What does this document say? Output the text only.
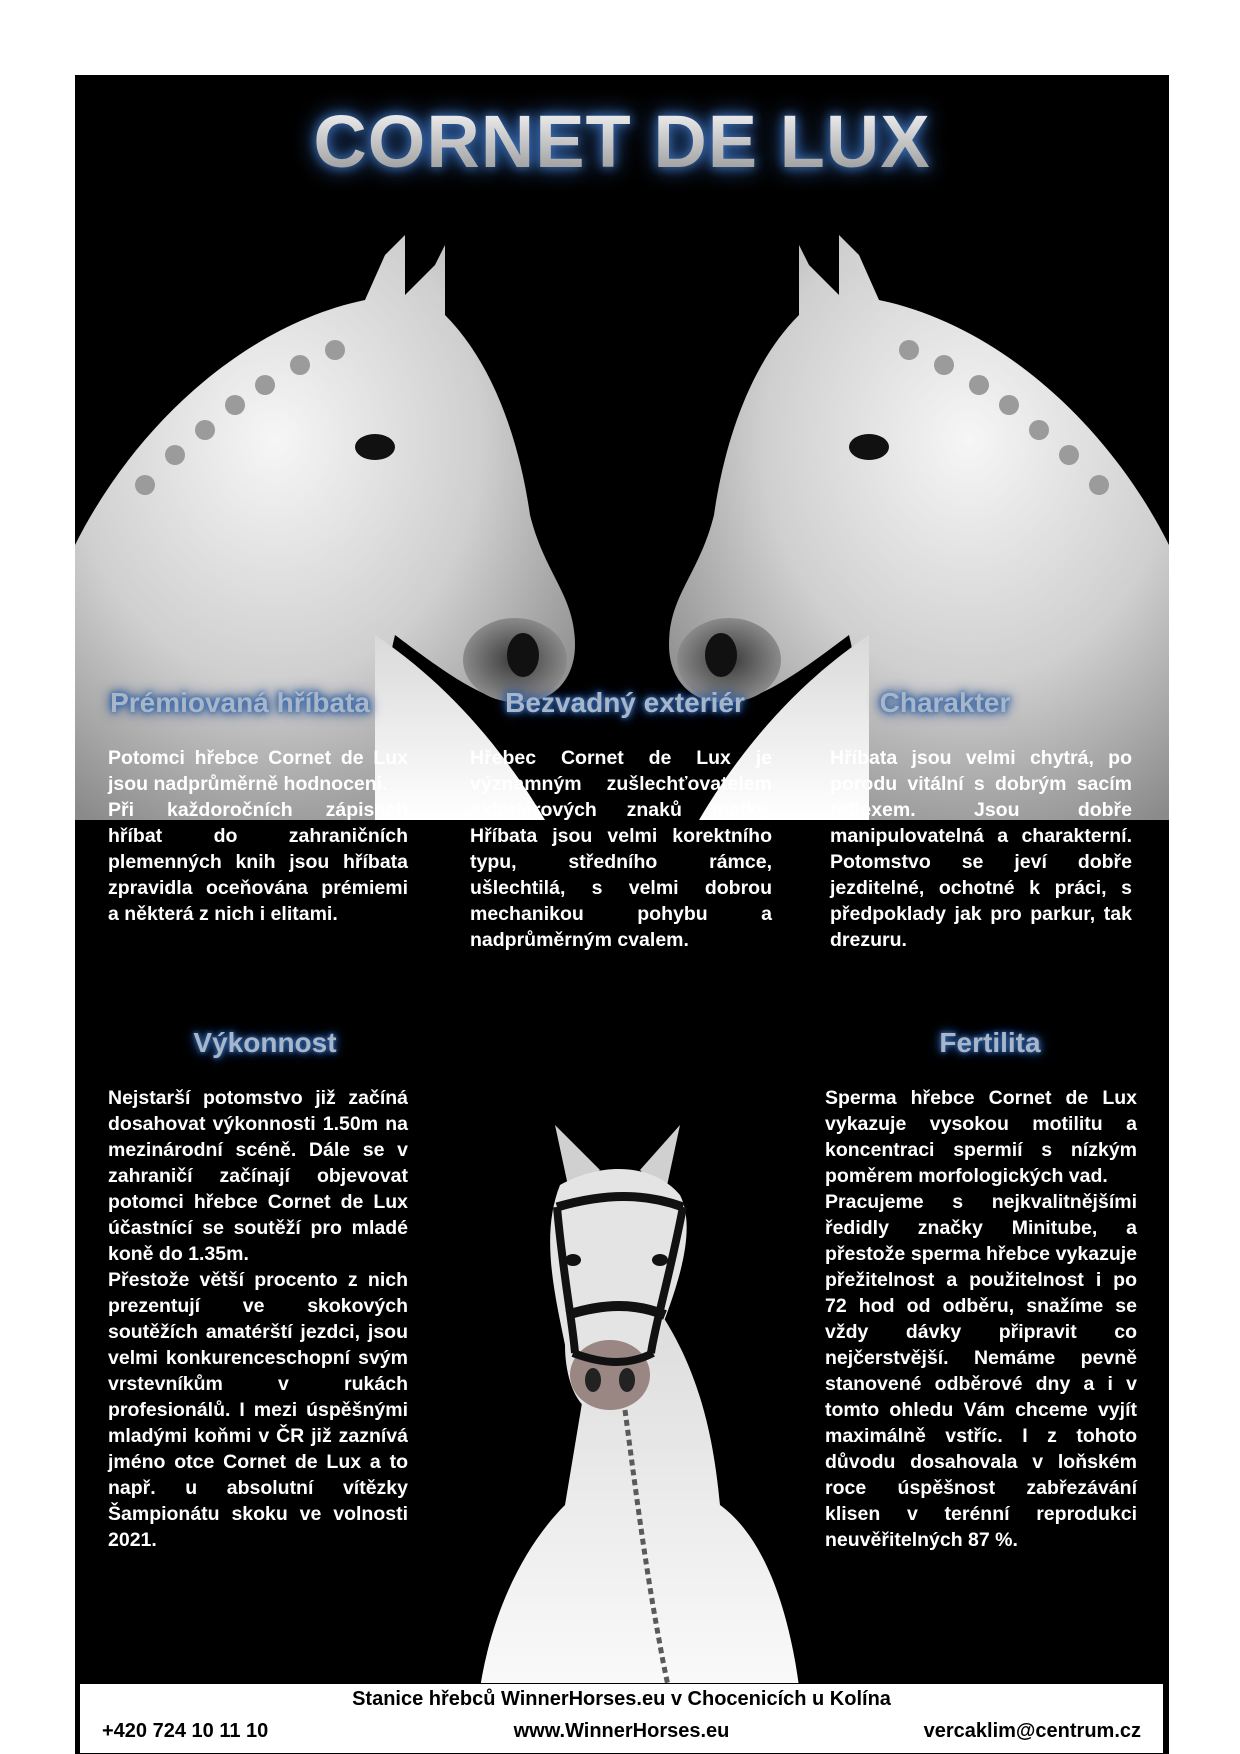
CORNET DE LUX
Prémiovaná hříbata

Potomci hřebce Cornet de Lux jsou nadprůměrně hodnoceni.
Při každoročních zápisech hříbat do zahraničních plemenných knih jsou hříbata zpravidla oceňována prémiemi a některá z nich i elitami.

Bezvadný exteriér

Hřebec Cornet de Lux je významným zušlechťovatelem exteriérových znaků matky. Hříbata jsou velmi korektního typu, středního rámce, ušlechtilá, s velmi dobrou mechanikou pohybu a nadprůměrným cvalem.

Charakter

Hříbata jsou velmi chytrá, po porodu vitální s dobrým sacím reflexem. Jsou dobře manipulovatelná a charakterní. Potomstvo se jeví dobře jezditelné, ochotné k práci, s předpoklady jak pro parkur, tak drezuru.

Výkonnost

Nejstarší potomstvo již začíná dosahovat výkonnosti 1.50m na mezinárodní scéně. Dále se v zahraničí začínají objevovat potomci hřebce Cornet de Lux účastnící se soutěží pro mladé koně do 1.35m.
Přestože větší procento z nich prezentují ve skokových soutěžích amatérští jezdci, jsou velmi konkurenceschopní svým vrstevníkům v rukách profesionálů. I mezi úspěšnými mladými koňmi v ČR již zaznívá jméno otce Cornet de Lux a to např. u absolutní vítězky Šampionátu skoku ve volnosti 2021.

Fertilita

Sperma hřebce Cornet de Lux vykazuje vysokou motilitu a koncentraci spermií s nízkým poměrem morfologických vad.
Pracujeme s nejkvalitnějšími ředidly značky Minitube, a přestože sperma hřebce vykazuje přežitelnost a použitelnost i po 72 hod od odběru, snažíme se vždy dávky připravit co nejčerstvější. Nemáme pevně stanovené odběrové dny a i v tomto ohledu Vám chceme vyjít maximálně vstříc. I z tohoto důvodu dosahovala v loňském roce úspěšnost zabřezávání klisen v terénní reprodukci neuvěřitelných 87 %.

Stanice hřebců WinnerHorses.eu v Chocenicích u Kolína
+420 724 10 11 10	www.WinnerHorses.eu	vercaklim@centrum.cz
